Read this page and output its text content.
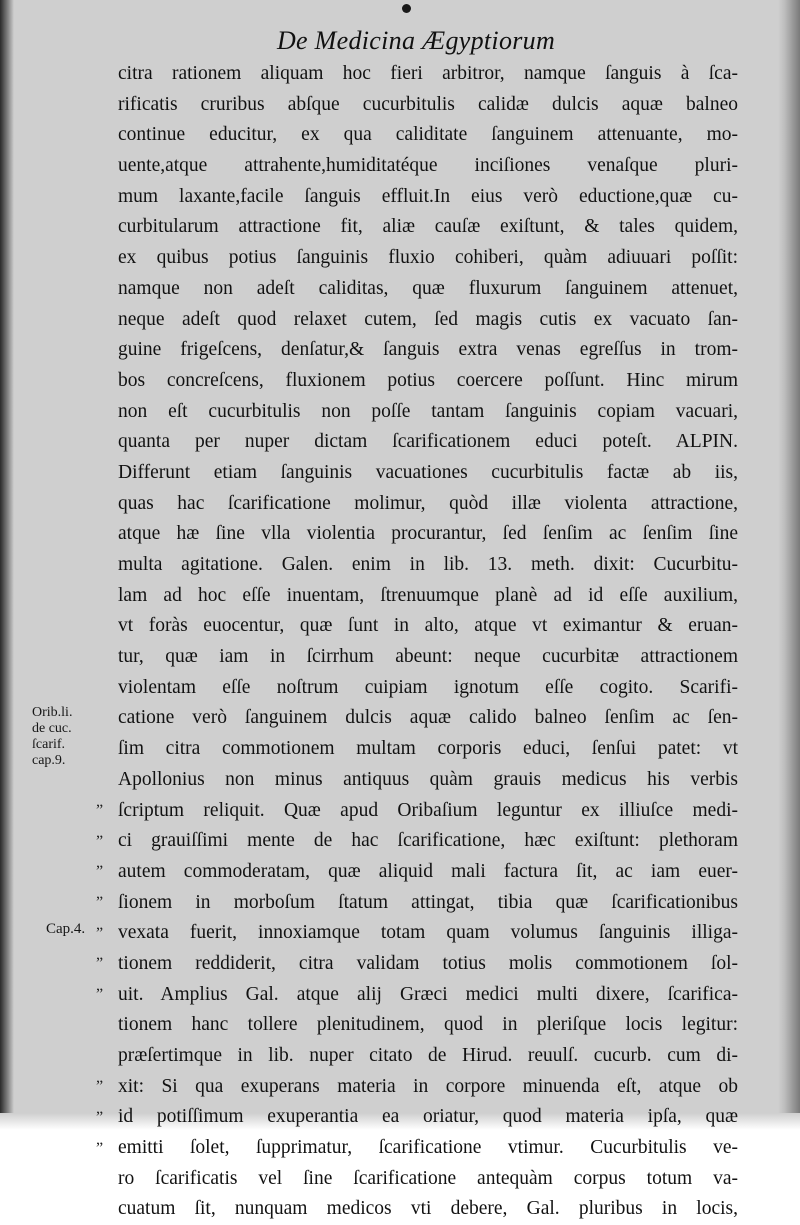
De Medicina Ægyptiorum
citra rationem aliquam hoc fieri arbitror, namque ſanguis à ſca-
rificatis cruribus abſque cucurbitulis calidæ dulcis aquæ balneo
continue educitur, ex qua caliditate ſanguinem attenuante, mo-
uente,atque attrahente,humiditatéque inciſiones venaſque pluri-
mum laxante,facile ſanguis effluit.In eius verò eductione,quæ cu-
curbitularum attractione fit, aliæ cauſæ exiſtunt, & tales quidem,
ex quibus potius ſanguinis fluxio cohiberi, quàm adiuuari poſſit:
namque non adeſt caliditas, quæ fluxurum ſanguinem attenuet,
neque adeſt quod relaxet cutem, ſed magis cutis ex vacuato ſan-
guine frigeſcens, denſatur,& ſanguis extra venas egreſſus in trom-
bos concreſcens, fluxionem potius coercere poſſunt. Hinc mirum
non eſt cucurbitulis non poſſe tantam ſanguinis copiam vacuari,
quanta per nuper dictam ſcarificationem educi poteſt. ALPIN.
Differunt etiam ſanguinis vacuationes cucurbitulis factæ ab iis,
quas hac ſcarificatione molimur, quòd illæ violenta attractione,
atque hæ ſine vlla violentia procurantur, ſed ſenſim ac ſenſim ſine
multa agitatione. Galen. enim in lib. 13. meth. dixit: Cucurbitu-
lam ad hoc eſſe inuentam, ſtrenuumque planè ad id eſſe auxilium,
vt foràs euocentur, quæ ſunt in alto, atque vt eximantur & eruan-
tur, quæ iam in ſcirrhum abeunt: neque cucurbitæ attractionem
violentam eſſe noſtrum cuipiam ignotum eſſe cogito. Scarifi-
catione verò ſanguinem dulcis aquæ calido balneo ſenſim ac ſen-
ſim citra commotionem multam corporis educi, ſenſui patet: vt
Apollonius non minus antiquus quàm grauis medicus his verbis
ſcriptum reliquit. Quæ apud Oribaſium leguntur ex illiuſce medi-
ci grauiſſimi mente de hac ſcarificatione, hæc exiſtunt: plethoram
autem commoderatam, quæ aliquid mali factura ſit, ac iam euer-
ſionem in morboſum ſtatum attingat, tibia quæ ſcarificationibus
vexata fuerit, innoxiamque totam quam volumus ſanguinis illiga-
tionem reddiderit, citra validam totius molis commotionem ſol-
uit. Amplius Gal. atque alij Græci medici multi dixere, ſcarifica-
tionem hanc tollere plenitudinem, quod in pleriſque locis legitur:
præſertimque in lib. nuper citato de Hirud. reuulſ. cucurb. cum di-
xit: Si qua exuperans materia in corpore minuenda eſt, atque ob
id potiſſimum exuperantia ea oriatur, quod materia ipſa, quæ
emitti ſolet, ſupprimatur, ſcarificatione vtimur. Cucurbitulis ve-
ro ſcarificatis vel ſine ſcarificatione antequàm corpus totum va-
cuatum ſit, nunquam medicos vti debere, Gal. pluribus in locis,
”
”
”
”
”
”
”
”
”
”
Orib.li.
de cuc.
ſcarif.
cap.9.
Cap.4.
